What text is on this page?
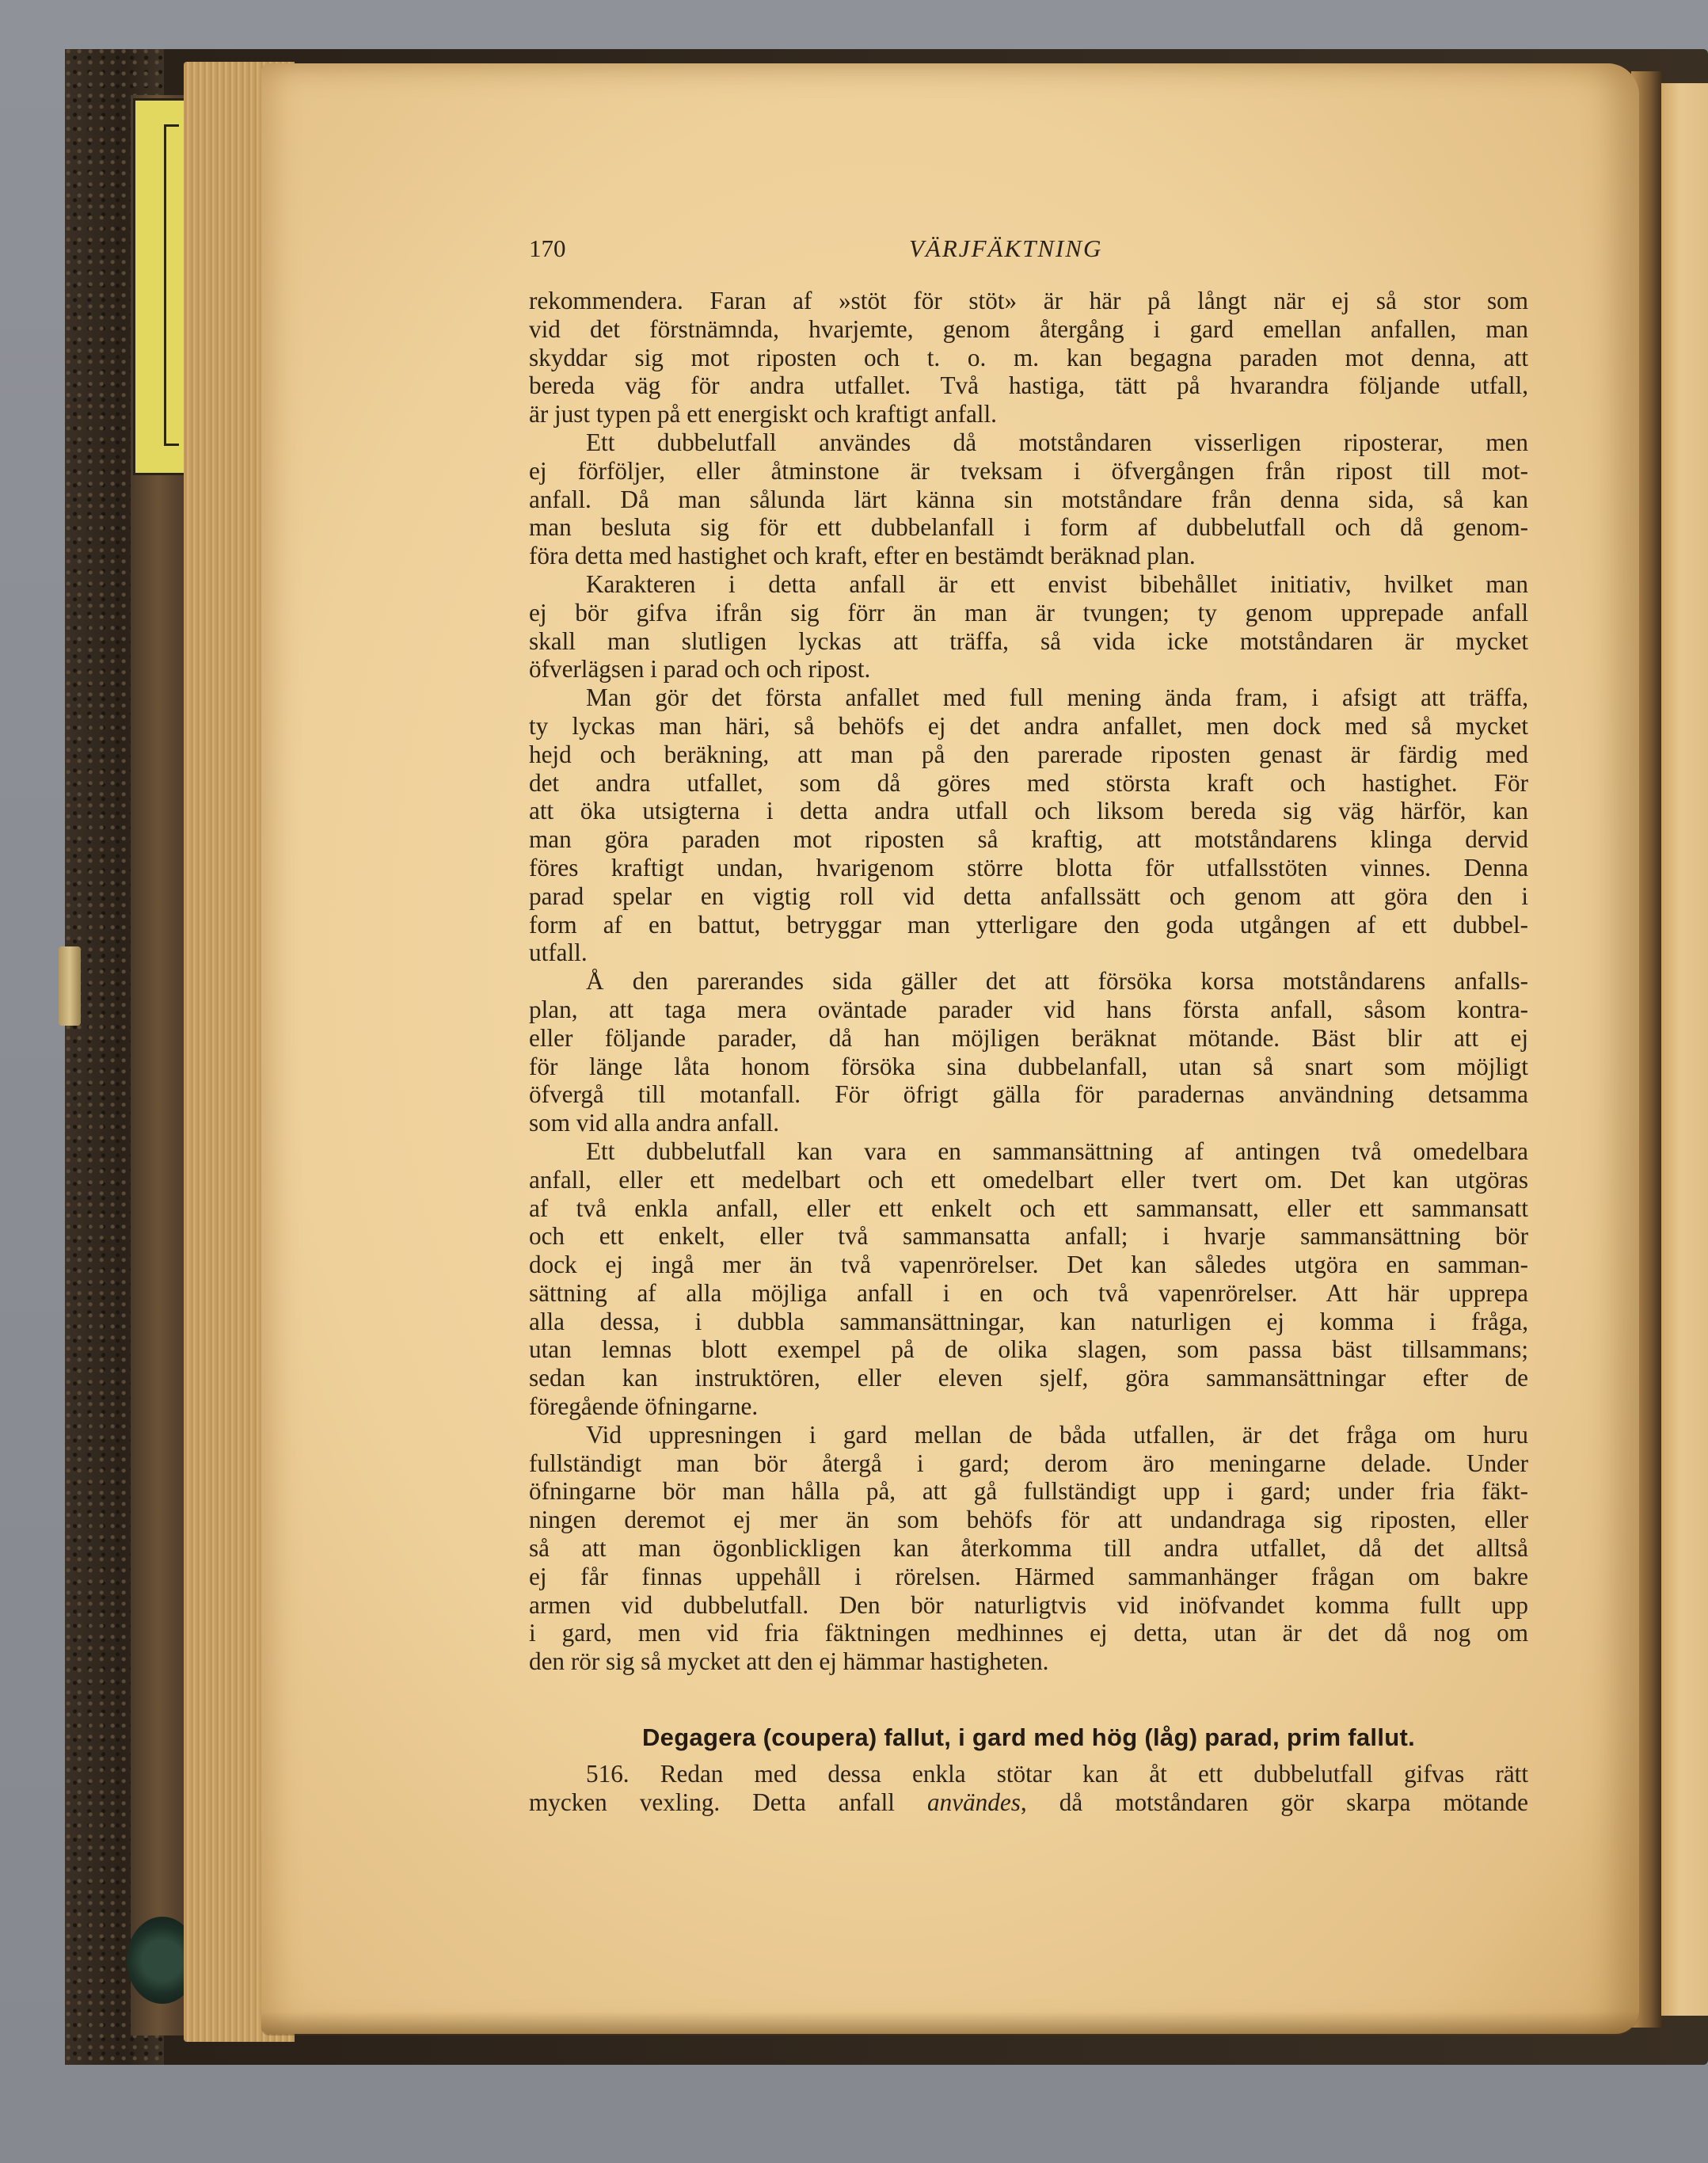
170	VÄRJFÄKTNING
rekommendera. Faran af »stöt för stöt» är här på långt när ej så stor som
vid det förstnämnda, hvarjemte, genom återgång i gard emellan anfallen, man
skyddar sig mot riposten och t. o. m. kan begagna paraden mot denna, att
bereda väg för andra utfallet. Två hastiga, tätt på hvarandra följande utfall,
är just typen på ett energiskt och kraftigt anfall.
Ett dubbelutfall användes då motståndaren visserligen riposterar, men
ej förföljer, eller åtminstone är tveksam i öfvergången från ripost till mot-
anfall. Då man sålunda lärt känna sin motståndare från denna sida, så kan
man besluta sig för ett dubbelanfall i form af dubbelutfall och då genom-
föra detta med hastighet och kraft, efter en bestämdt beräknad plan.
Karakteren i detta anfall är ett envist bibehållet initiativ, hvilket man
ej bör gifva ifrån sig förr än man är tvungen; ty genom upprepade anfall
skall man slutligen lyckas att träffa, så vida icke motståndaren är mycket
öfverlägsen i parad och och ripost.
Man gör det första anfallet med full mening ända fram, i afsigt att träffa,
ty lyckas man häri, så behöfs ej det andra anfallet, men dock med så mycket
hejd och beräkning, att man på den parerade riposten genast är färdig med
det andra utfallet, som då göres med största kraft och hastighet. För
att öka utsigterna i detta andra utfall och liksom bereda sig väg härför, kan
man göra paraden mot riposten så kraftig, att motståndarens klinga dervid
föres kraftigt undan, hvarigenom större blotta för utfallsstöten vinnes. Denna
parad spelar en vigtig roll vid detta anfallssätt och genom att göra den i
form af en battut, betryggar man ytterligare den goda utgången af ett dubbel-
utfall.
Å den parerandes sida gäller det att försöka korsa motståndarens anfalls-
plan, att taga mera oväntade parader vid hans första anfall, såsom kontra-
eller följande parader, då han möjligen beräknat mötande. Bäst blir att ej
för länge låta honom försöka sina dubbelanfall, utan så snart som möjligt
öfvergå till motanfall. För öfrigt gälla för paradernas användning detsamma
som vid alla andra anfall.
Ett dubbelutfall kan vara en sammansättning af antingen två omedelbara
anfall, eller ett medelbart och ett omedelbart eller tvert om. Det kan utgöras
af två enkla anfall, eller ett enkelt och ett sammansatt, eller ett sammansatt
och ett enkelt, eller två sammansatta anfall; i hvarje sammansättning bör
dock ej ingå mer än två vapenrörelser. Det kan således utgöra en samman-
sättning af alla möjliga anfall i en och två vapenrörelser. Att här upprepa
alla dessa, i dubbla sammansättningar, kan naturligen ej komma i fråga,
utan lemnas blott exempel på de olika slagen, som passa bäst tillsammans;
sedan kan instruktören, eller eleven sjelf, göra sammansättningar efter de
föregående öfningarne.
Vid uppresningen i gard mellan de båda utfallen, är det fråga om huru
fullständigt man bör återgå i gard; derom äro meningarne delade. Under
öfningarne bör man hålla på, att gå fullständigt upp i gard; under fria fäkt-
ningen deremot ej mer än som behöfs för att undandraga sig riposten, eller
så att man ögonblickligen kan återkomma till andra utfallet, då det alltså
ej får finnas uppehåll i rörelsen. Härmed sammanhänger frågan om bakre
armen vid dubbelutfall. Den bör naturligtvis vid inöfvandet komma fullt upp
i gard, men vid fria fäktningen medhinnes ej detta, utan är det då nog om
den rör sig så mycket att den ej hämmar hastigheten.
Degagera (coupera) fallut, i gard med hög (låg) parad, prim fallut.
516. Redan med dessa enkla stötar kan åt ett dubbelutfall gifvas rätt
mycken vexling. Detta anfall användes, då motståndaren gör skarpa mötande
